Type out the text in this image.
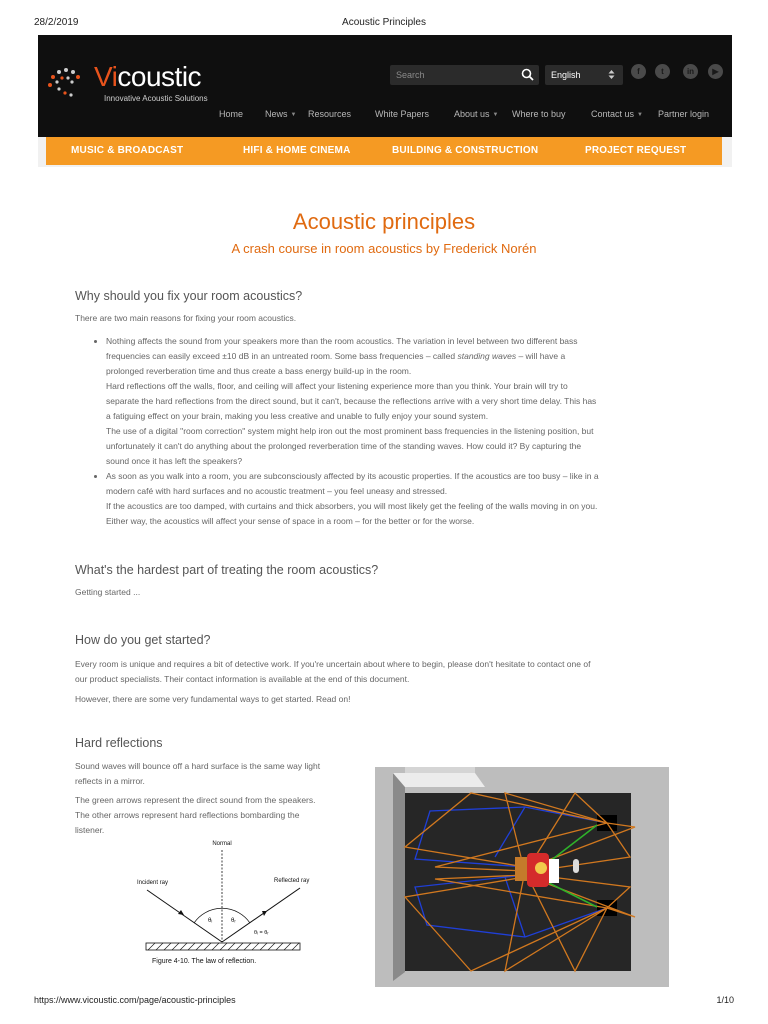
28/2/2019	Acoustic Principles
Vicoustic
Innovative Acoustic Solutions
Search
English	f	t	in	▶
Home News ▼ Resources	White Papers	About us ▼ Where to buy	Contact us ▼ Partner login
MUSIC & BROADCAST	HIFI & HOME CINEMA	BUILDING & CONSTRUCTION	PROJECT REQUEST
Acoustic principles
A crash course in room acoustics by Frederick Norén
Why should you fix your room acoustics?

There are two main reasons for fixing your room acoustics.

• Nothing affects the sound from your speakers more than the room acoustics. The variation in level between two different bass
frequencies can easily exceed ±10 dB in an untreated room. Some bass frequencies – called standing waves – will have a
prolonged reverberation time and thus create a bass energy build-up in the room.
Hard reflections off the walls, floor, and ceiling will affect your listening experience more than you think. Your brain will try to
separate the hard reflections from the direct sound, but it can't, because the reflections arrive with a very short time delay. This has
a fatiguing effect on your brain, making you less creative and unable to fully enjoy your sound system.
The use of a digital "room correction" system might help iron out the most prominent bass frequencies in the listening position, but
unfortunately it can't do anything about the prolonged reverberation time of the standing waves. How could it? By capturing the
sound once it has left the speakers?
• As soon as you walk into a room, you are subconsciously affected by its acoustic properties. If the acoustics are too busy – like in a
modern café with hard surfaces and no acoustic treatment – you feel uneasy and stressed.
If the acoustics are too damped, with curtains and thick absorbers, you will most likely get the feeling of the walls moving in on you.
Either way, the acoustics will affect your sense of space in a room – for the better or for the worse.
What's the hardest part of treating the room acoustics?

Getting started ...

How do you get started?

Every room is unique and requires a bit of detective work. If you're uncertain about where to begin, please don't hesitate to contact one of
our product specialists. Their contact information is available at the end of this document.

However, there are some very fundamental ways to get started. Read on!

Hard reflections

Sound waves will bounce off a hard surface is the same way light
reflects in a mirror.

The green arrows represent the direct sound from the speakers.
The other arrows represent hard reflections bombarding the
listener.

Normal
Incident ray	Reflected ray
θᵢ	θᵣ
θᵢ = θᵣ
Figure 4-10. The law of reflection.
https://www.vicoustic.com/page/acoustic-principles	1/10
